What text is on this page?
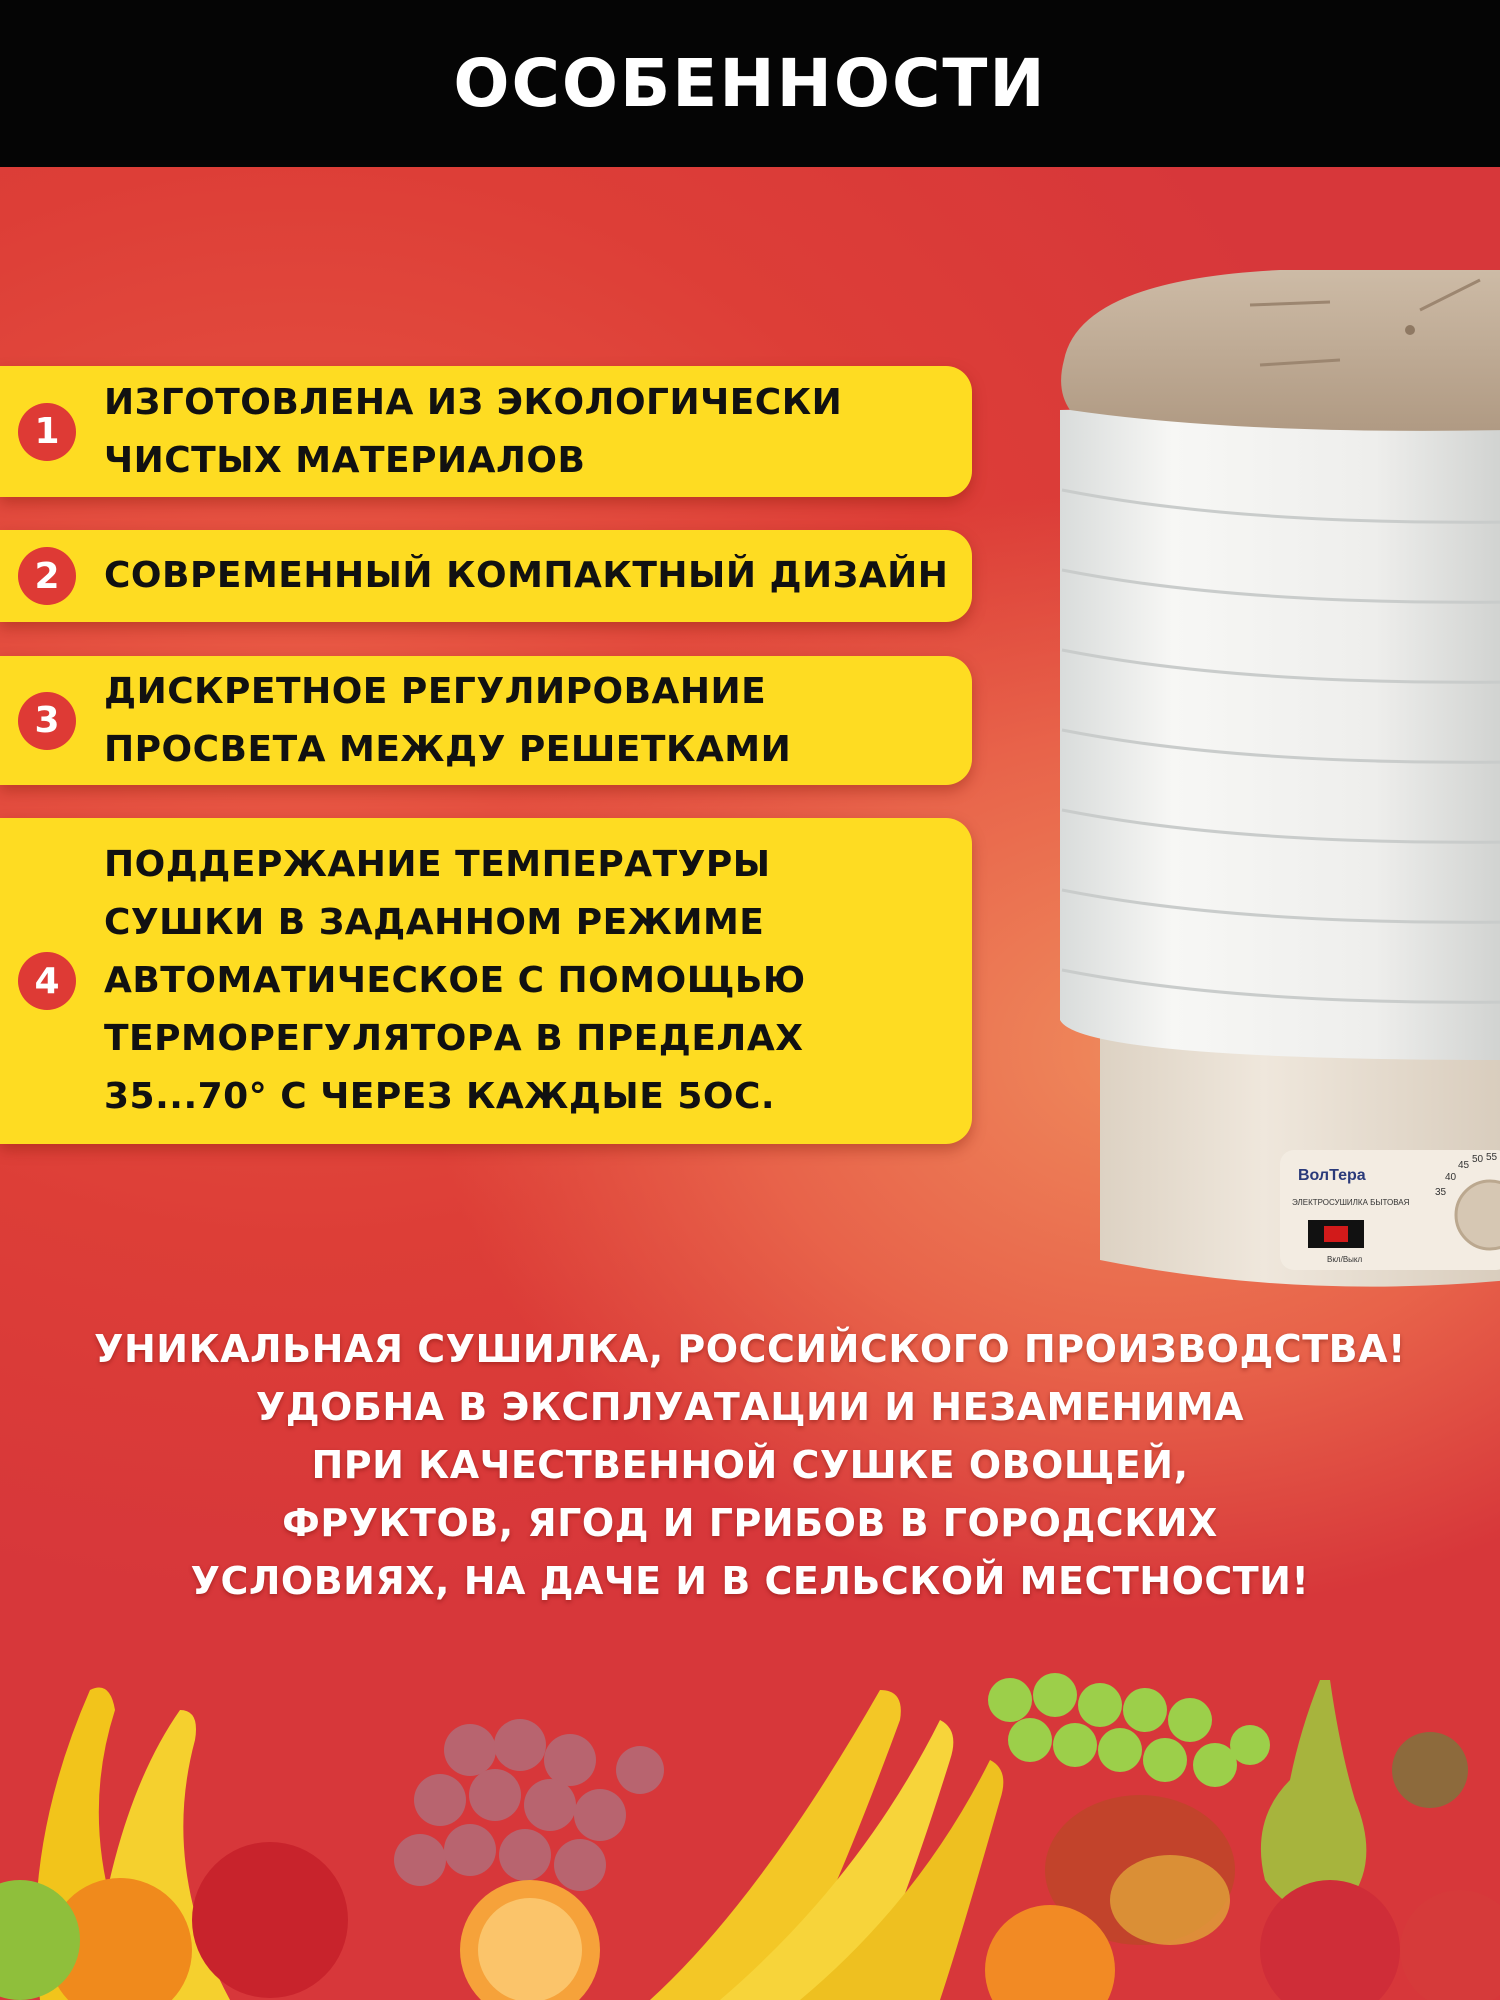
ОСОБЕННОСТИ
1
ИЗГОТОВЛЕНА ИЗ ЭКОЛОГИЧЕСКИ
ЧИСТЫХ МАТЕРИАЛОВ
2	СОВРЕМЕННЫЙ КОМПАКТНЫЙ ДИЗАЙН
3
ДИСКРЕТНОЕ РЕГУЛИРОВАНИЕ
ПРОСВЕТА МЕЖДУ РЕШЕТКАМИ
4
ПОДДЕРЖАНИЕ ТЕМПЕРАТУРЫ
СУШКИ В ЗАДАННОМ РЕЖИМЕ
АВТОМАТИЧЕСКОЕ С ПОМОЩЬЮ
ТЕРМОРЕГУЛЯТОРА В ПРЕДЕЛАХ
35...70° С ЧЕРЕЗ КАЖДЫЕ 5ОС.
ВолТера
ЭЛЕКТРОСУШИЛКА БЫТОВАЯ
Вкл/Выкл
35
40
45
50 55
УНИКАЛЬНАЯ СУШИЛКА, РОССИЙСКОГО ПРОИЗВОДСТВА!
УДОБНА В ЭКСПЛУАТАЦИИ И НЕЗАМЕНИМА
ПРИ КАЧЕСТВЕННОЙ СУШКЕ ОВОЩЕЙ,
ФРУКТОВ, ЯГОД И ГРИБОВ В ГОРОДСКИХ
УСЛОВИЯХ, НА ДАЧЕ И В СЕЛЬСКОЙ МЕСТНОСТИ!
